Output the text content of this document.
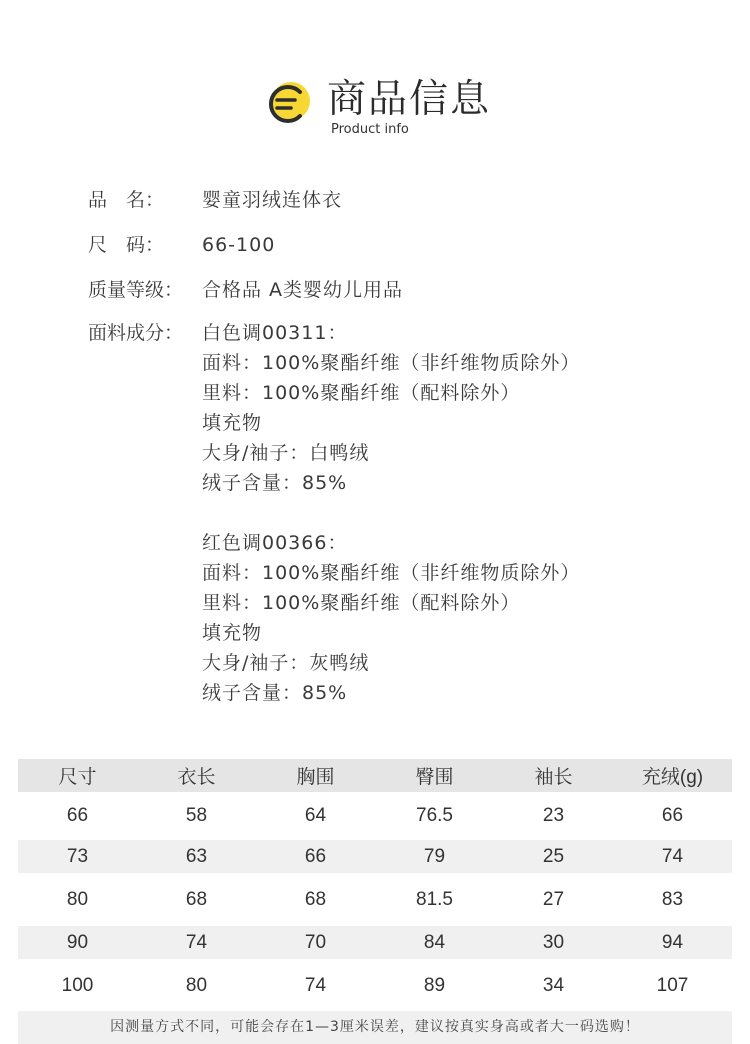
商品信息
Product info
品　名：	婴童羽绒连体衣
尺　码：	66-100
质量等级： 合格品 A类婴幼儿用品
面料成分： 白色调00311：
面料：100%聚酯纤维（非纤维物质除外）
里料：100%聚酯纤维（配料除外）
填充物
大身/袖子：白鸭绒
绒子含量：85%
红色调00366：
面料：100%聚酯纤维（非纤维物质除外）
里料：100%聚酯纤维（配料除外）
填充物
大身/袖子：灰鸭绒
绒子含量：85%
尺寸	衣长	胸围	臀围	袖长	充绒(g)
66	58	64	76.5	23	66
73	63	66	79	25	74
80	68	68	81.5	27	83
90	74	70	84	30	94
100	80	74	89	34	107
因测量方式不同，可能会存在1—3厘米误差，建议按真实身高或者大一码选购！
